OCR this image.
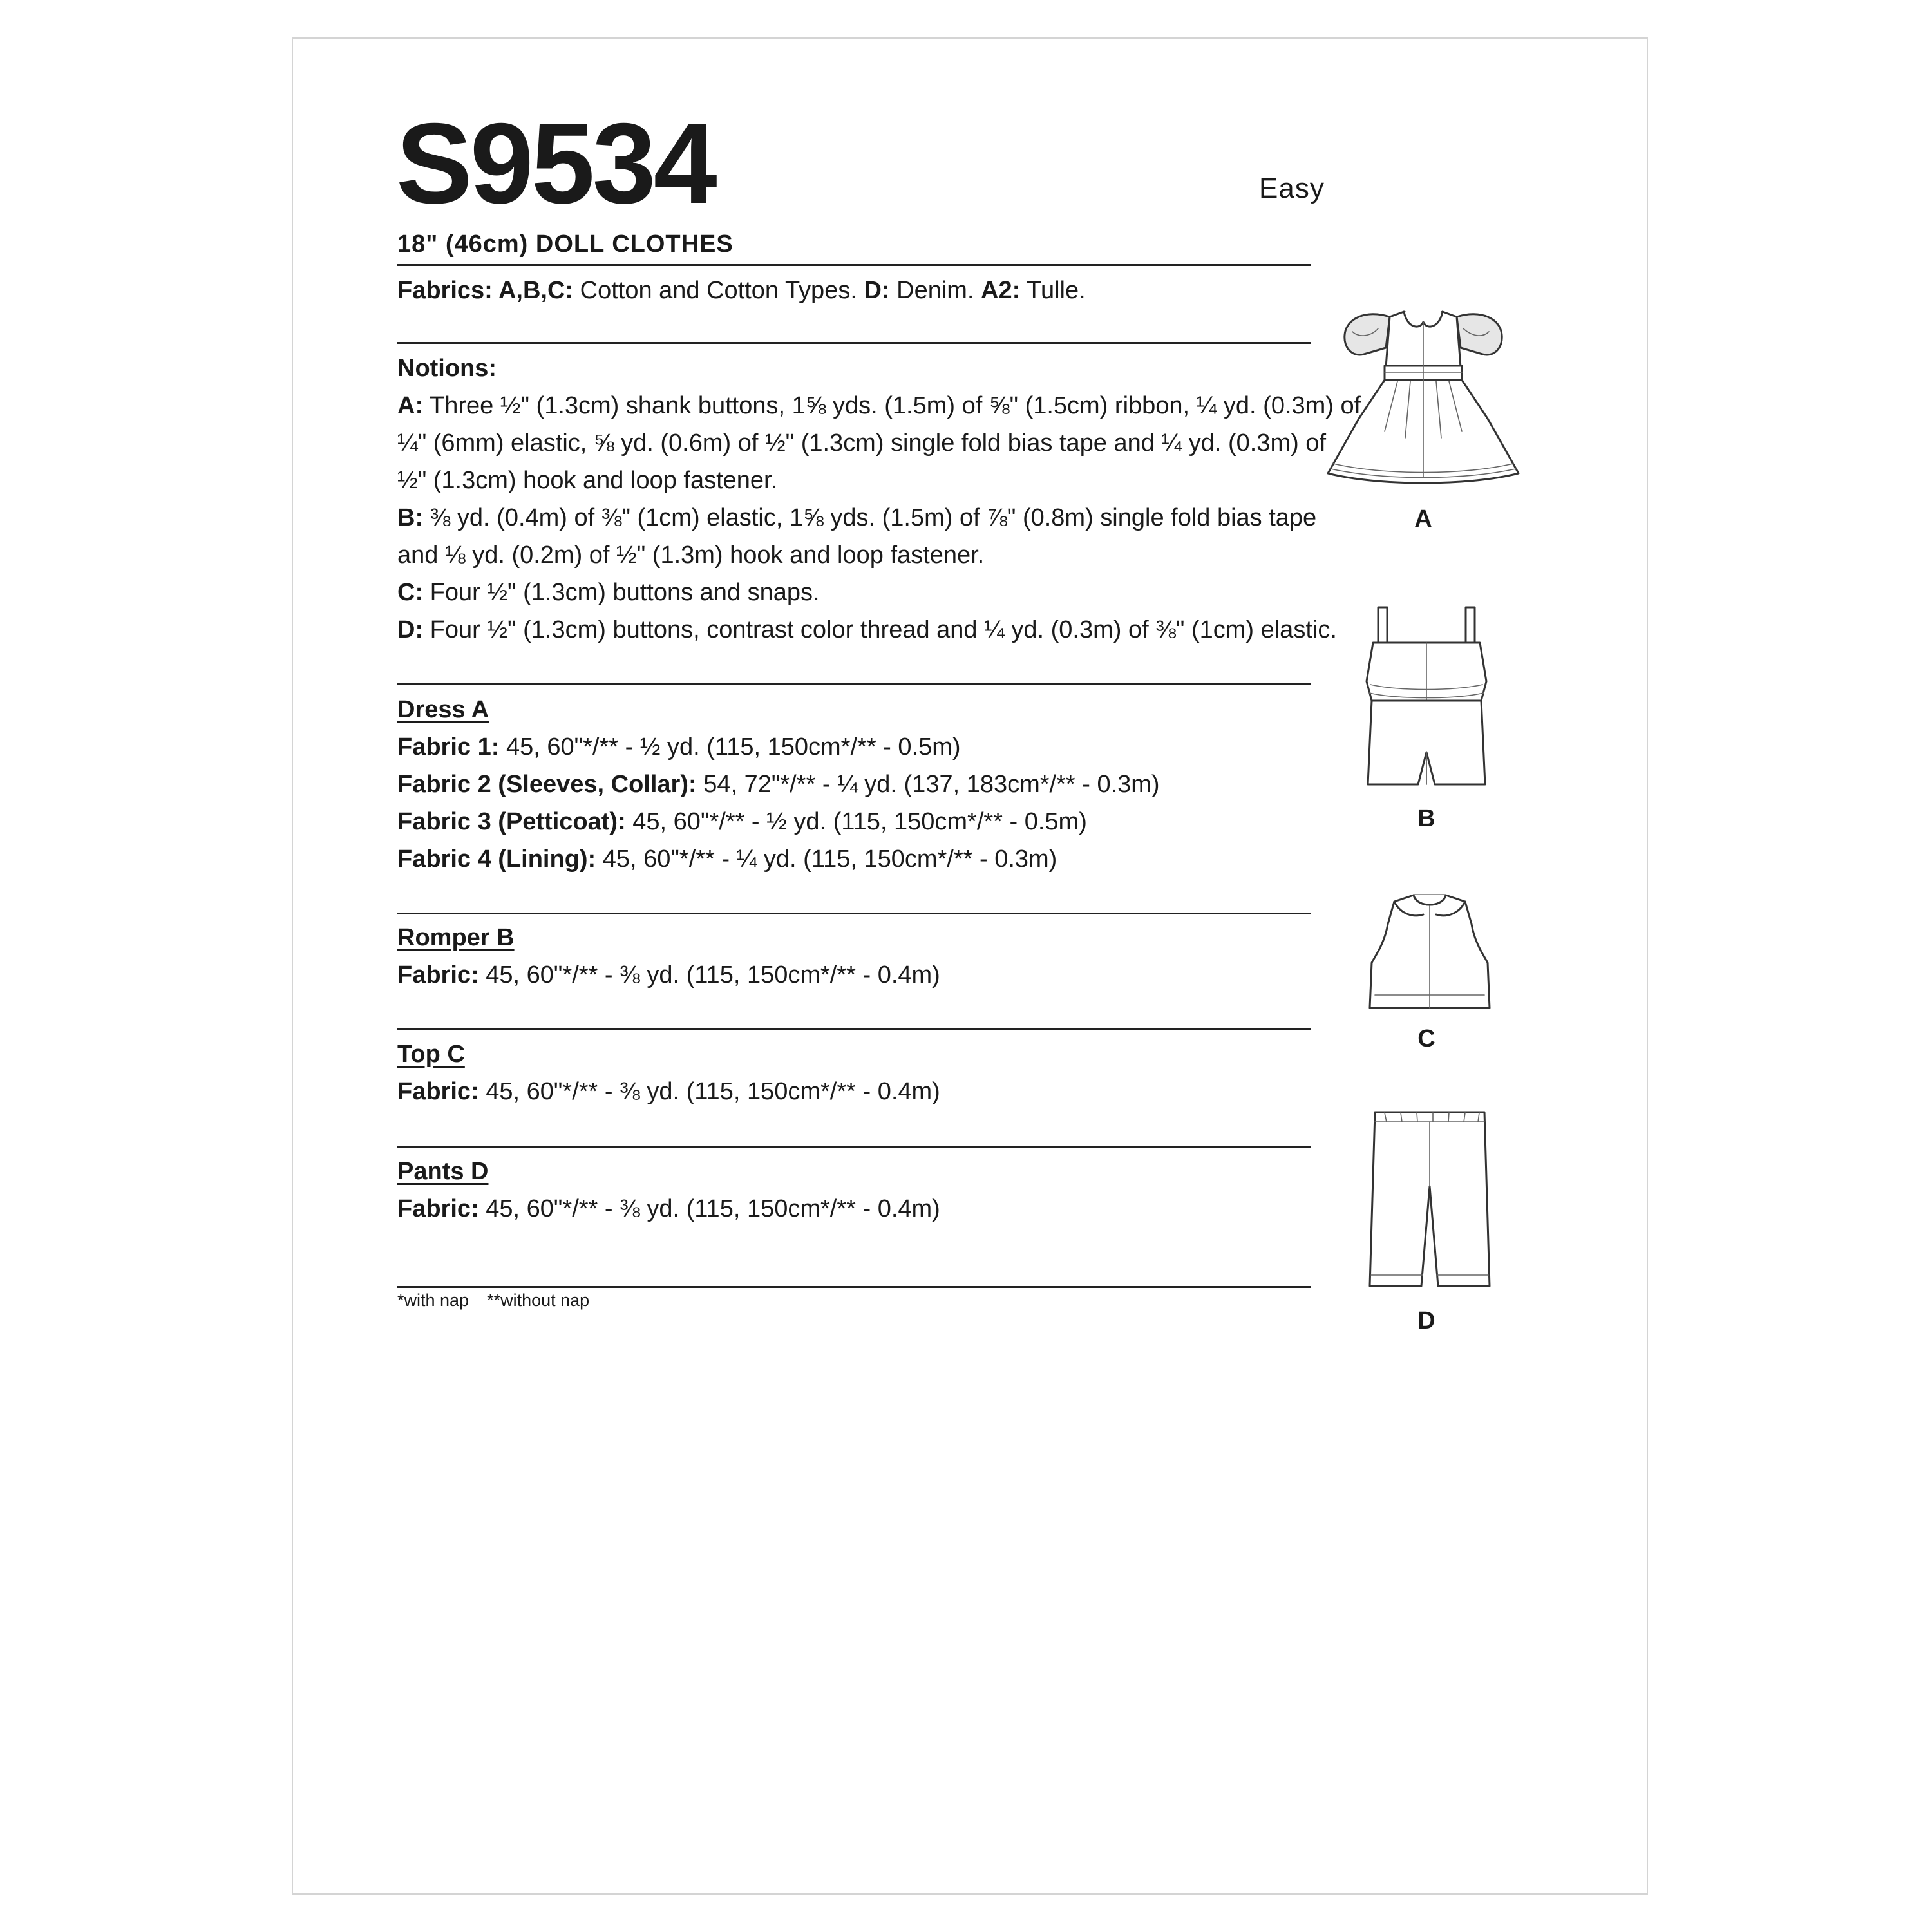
S9534	Easy
18" (46cm) DOLL CLOTHES
Fabrics: A,B,C: Cotton and Cotton Types. D: Denim. A2: Tulle.
Notions:
A: Three ½" (1.3cm) shank buttons, 1⅝ yds. (1.5m) of ⅝" (1.5cm) ribbon, ¼ yd. (0.3m) of
¼" (6mm) elastic, ⅝ yd. (0.6m) of ½" (1.3cm) single fold bias tape and ¼ yd. (0.3m) of
½" (1.3cm) hook and loop fastener.
B: ⅜ yd. (0.4m) of ⅜" (1cm) elastic, 1⅝ yds. (1.5m) of ⅞" (0.8m) single fold bias tape
and ⅛ yd. (0.2m) of ½" (1.3m) hook and loop fastener.
C: Four ½" (1.3cm) buttons and snaps.
D: Four ½" (1.3cm) buttons, contrast color thread and ¼ yd. (0.3m) of ⅜" (1cm) elastic.
Dress A
Fabric 1: 45, 60"*/** - ½ yd. (115, 150cm*/** - 0.5m)
Fabric 2 (Sleeves, Collar): 54, 72"*/** - ¼ yd. (137, 183cm*/** - 0.3m)
Fabric 3 (Petticoat): 45, 60"*/** - ½ yd. (115, 150cm*/** - 0.5m)
Fabric 4 (Lining): 45, 60"*/** - ¼ yd. (115, 150cm*/** - 0.3m)
Romper B
Fabric: 45, 60"*/** - ⅜ yd. (115, 150cm*/** - 0.4m)
Top C
Fabric: 45, 60"*/** - ⅜ yd. (115, 150cm*/** - 0.4m)
Pants D
Fabric: 45, 60"*/** - ⅜ yd. (115, 150cm*/** - 0.4m)
*with nap **without nap
A
B
C
D
